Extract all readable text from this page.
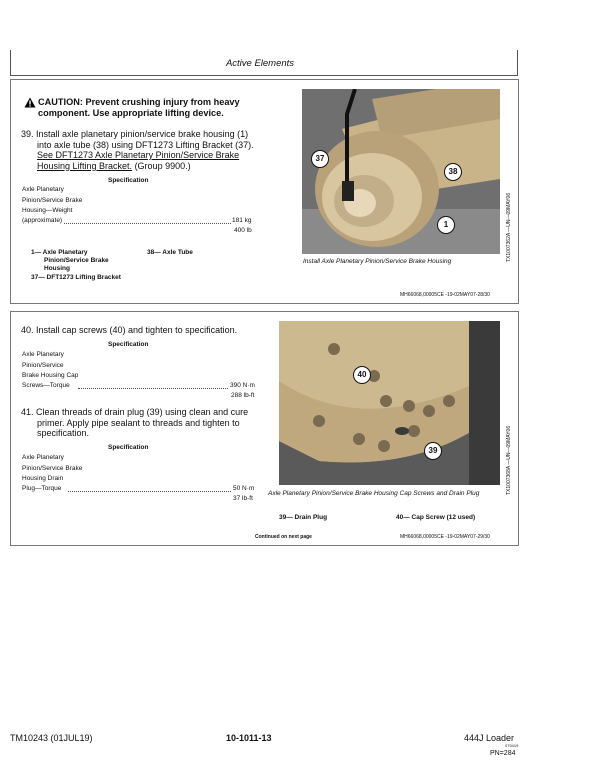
Active Elements
CAUTION: Prevent crushing injury from heavy
component. Use appropriate lifting device.
39. Install axle planetary pinion/service brake housing (1)
into axle tube (38) using DFT1273 Lifting Bracket (37).
See DFT1273 Axle Planetary Pinion/Service Brake
Housing Lifting Bracket. (Group 9900.)
Specification
Axle Planetary
Pinion/Service Brake
Housing—Weight
(approximate)	181 kg
400 lb
1— Axle Planetary
Pinion/Service Brake
Housing
37— DFT1273 Lifting Bracket
38— Axle Tube
37
38
1	TX1007362A —UN—09MAY06
Install Axle Planetary Pinion/Service Brake Housing
MH66068,00005CE -19-02MAY07-28/30
40. Install cap screws (40) and tighten to specification.
Specification
Axle Planetary
Pinion/Service
Brake Housing Cap
Screws—Torque	390 N·m
288 lb-ft
41. Clean threads of drain plug (39) using clean and cure
primer. Apply pipe sealant to threads and tighten to
specification.
Specification
Axle Planetary
Pinion/Service Brake
Housing Drain
Plug—Torque	50 N·m
37 lb-ft
40
39	TX1007368A —UN—09MAY06
Axle Planetary Pinion/Service Brake Housing Cap Screws and Drain Plug
39— Drain Plug	40— Cap Screw (12 used)
Continued on next page	MH66068,00005CE -19-02MAY07-29/30
TM10243 (01JUL19)	10-1011-13	444J Loader
070419
PN=284
